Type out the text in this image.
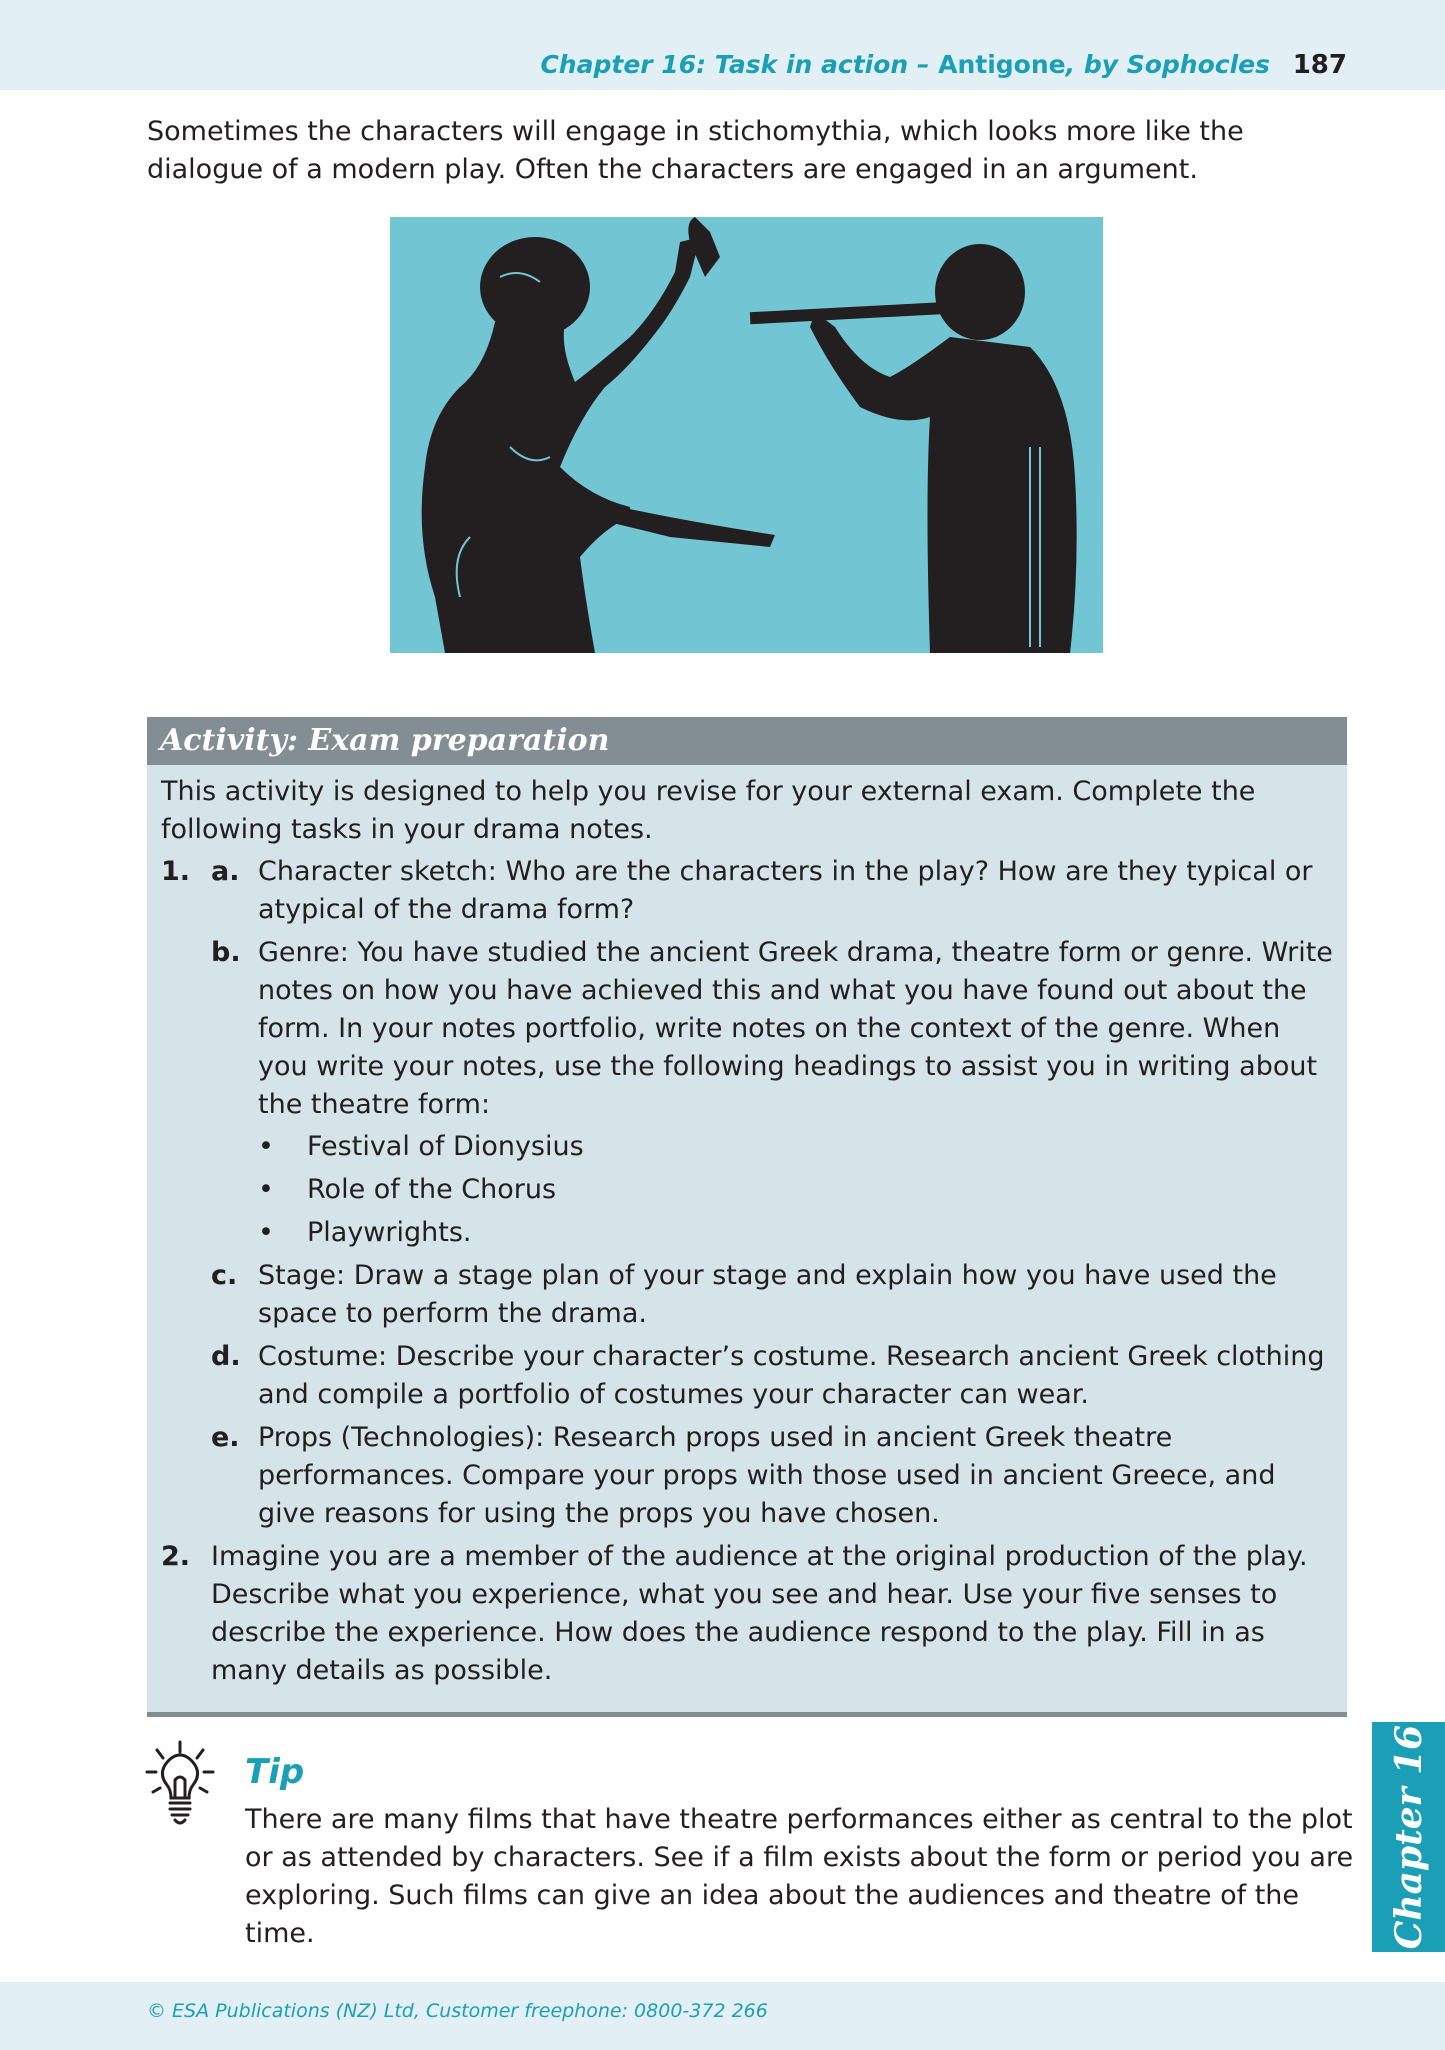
Chapter 16: Task in action – Antigone, by Sophocles 187

Sometimes the characters will engage in stichomythia, which looks more like the dialogue of a modern play. Often the characters are engaged in an argument.

Activity: Exam preparation
This activity is designed to help you revise for your external exam. Complete the following tasks in your drama notes.
1. a. Character sketch: Who are the characters in the play? How are they typical or atypical of the drama form?
b. Genre: You have studied the ancient Greek drama, theatre form or genre. Write notes on how you have achieved this and what you have found out about the form. In your notes portfolio, write notes on the context of the genre. When you write your notes, use the following headings to assist you in writing about the theatre form:
• Festival of Dionysius
• Role of the Chorus
• Playwrights.
c. Stage: Draw a stage plan of your stage and explain how you have used the space to perform the drama.
d. Costume: Describe your character’s costume. Research ancient Greek clothing and compile a portfolio of costumes your character can wear.
e. Props (Technologies): Research props used in ancient Greek theatre performances. Compare your props with those used in ancient Greece, and give reasons for using the props you have chosen.
2. Imagine you are a member of the audience at the original production of the play. Describe what you experience, what you see and hear. Use your five senses to describe the experience. How does the audience respond to the play. Fill in as many details as possible.
Tip

There are many films that have theatre performances either as central to the plot or as attended by characters. See if a film exists about the form or period you are exploring. Such films can give an idea about the audiences and theatre of the time.	Chapter 16
© ESA Publications (NZ) Ltd, Customer freephone: 0800-372 266
